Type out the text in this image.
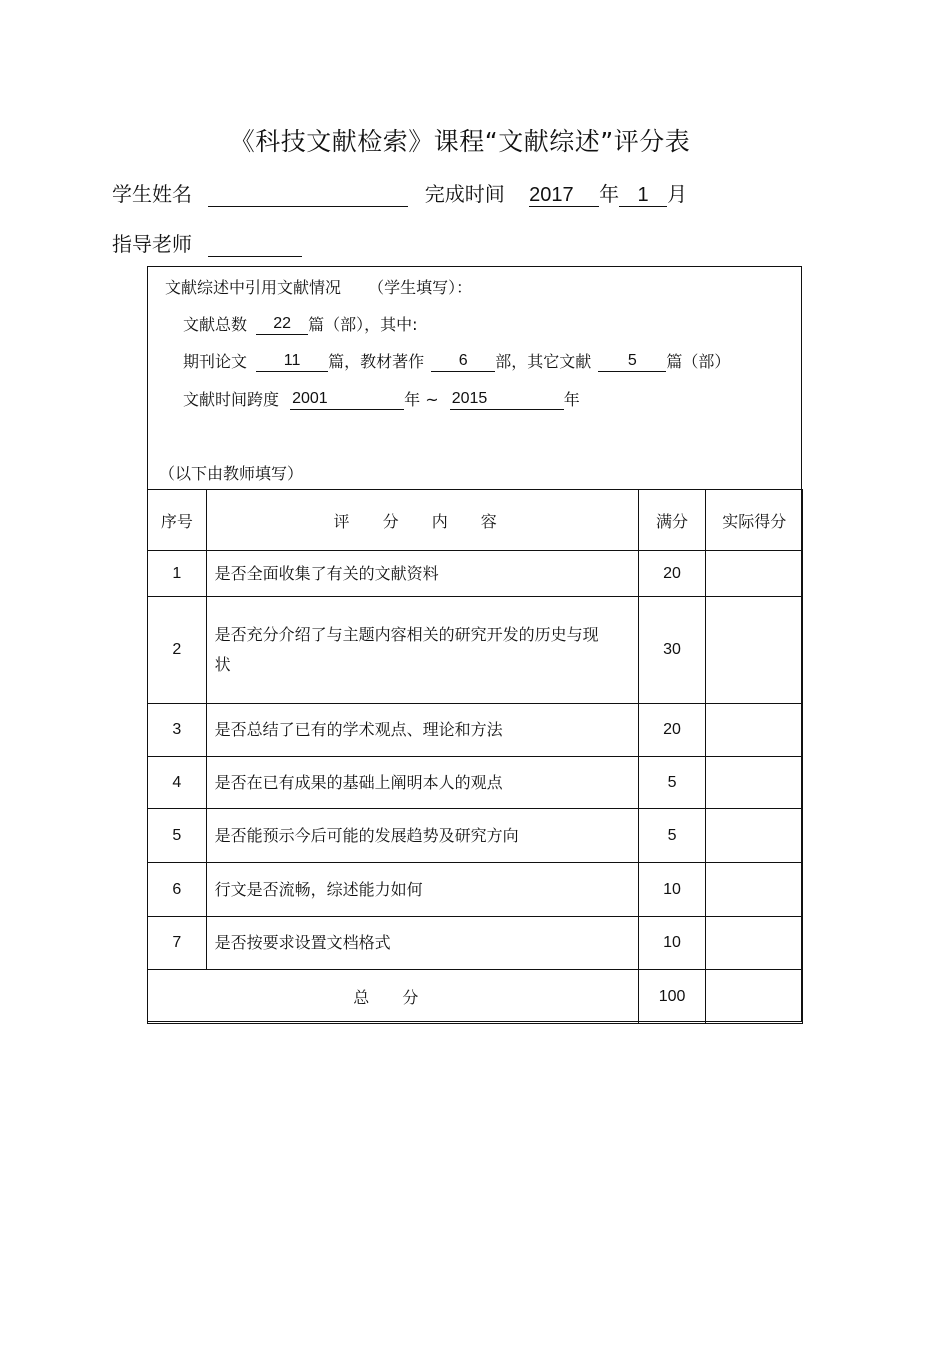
《科技文献检索》课程“文献综述”评分表
学生姓名	完成时间 2017 年 1 月
指导老师
文献综述中引用文献情况 （学生填写）：
文献总数 22 篇（部），其中:
期刊论文 11 篇，教材著作 6 部，其它文献 5 篇（部）
文献时间跨度 2001	年 ~ 2015	年
（以下由教师填写）
序号	评 分 内 容	满分	实际得分
1	是否全面收集了有关的文献资料	20	
2	是否充分介绍了与主题内容相关的研究开发的历史与现状	30	
3	是否总结了已有的学术观点、理论和方法	20	
4	是否在已有成果的基础上阐明本人的观点	5	
5	是否能预示今后可能的发展趋势及研究方向	5	
6	行文是否流畅，综述能力如何	10	
7	是否按要求设置文档格式	10	
总 分		100	
